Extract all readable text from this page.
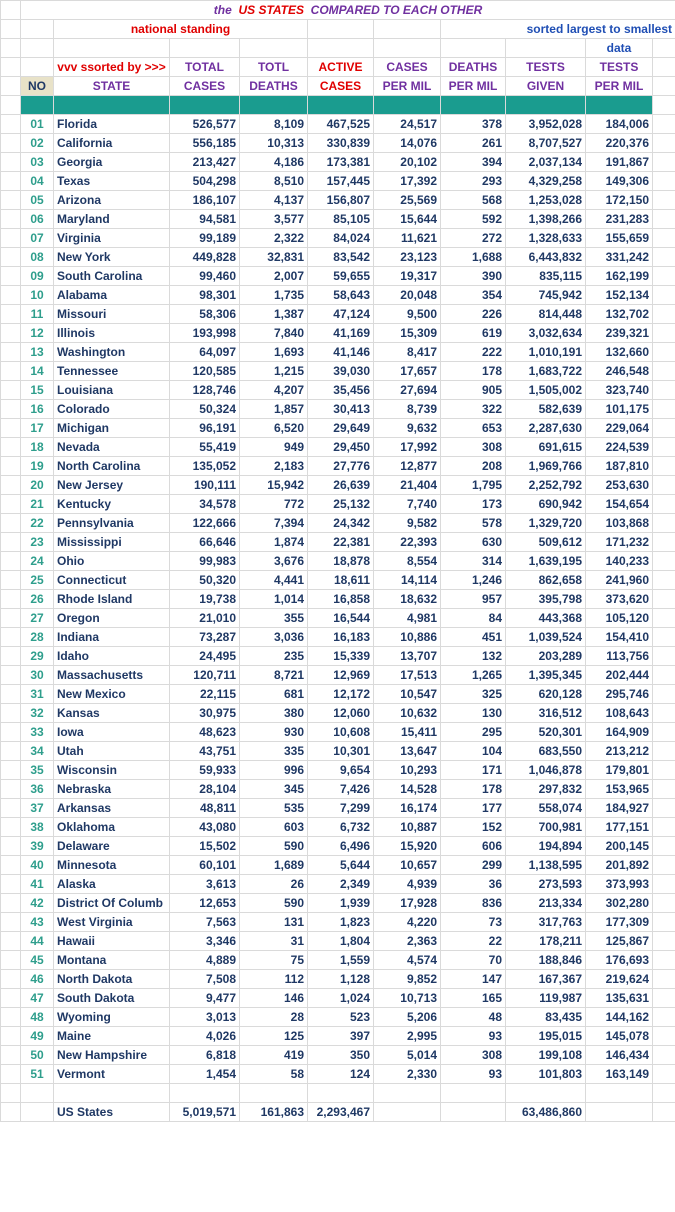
	the US STATES COMPARED TO EACH OTHER									
		national standing					sorted largest to smallest			
									data	
		vvv ssorted by >>>	TOTAL	TOTL	ACTIVE	CASES	DEATHS	TESTS	TESTS	
	NO	STATE	CASES	DEATHS	CASES	PER MIL	PER MIL	GIVEN	PER MIL	

	01	Florida	526,577	8,109	467,525	24,517	378	3,952,028	184,006	
	02	California	556,185	10,313	330,839	14,076	261	8,707,527	220,376	
	03	Georgia	213,427	4,186	173,381	20,102	394	2,037,134	191,867	
	04	Texas	504,298	8,510	157,445	17,392	293	4,329,258	149,306	
	05	Arizona	186,107	4,137	156,807	25,569	568	1,253,028	172,150	
	06	Maryland	94,581	3,577	85,105	15,644	592	1,398,266	231,283	
	07	Virginia	99,189	2,322	84,024	11,621	272	1,328,633	155,659	
	08	New York	449,828	32,831	83,542	23,123	1,688	6,443,832	331,242	
	09	South Carolina	99,460	2,007	59,655	19,317	390	835,115	162,199	
	10	Alabama	98,301	1,735	58,643	20,048	354	745,942	152,134	
	11	Missouri	58,306	1,387	47,124	9,500	226	814,448	132,702	
	12	Illinois	193,998	7,840	41,169	15,309	619	3,032,634	239,321	
	13	Washington	64,097	1,693	41,146	8,417	222	1,010,191	132,660	
	14	Tennessee	120,585	1,215	39,030	17,657	178	1,683,722	246,548	
	15	Louisiana	128,746	4,207	35,456	27,694	905	1,505,002	323,740	
	16	Colorado	50,324	1,857	30,413	8,739	322	582,639	101,175	
	17	Michigan	96,191	6,520	29,649	9,632	653	2,287,630	229,064	
	18	Nevada	55,419	949	29,450	17,992	308	691,615	224,539	
	19	North Carolina	135,052	2,183	27,776	12,877	208	1,969,766	187,810	
	20	New Jersey	190,111	15,942	26,639	21,404	1,795	2,252,792	253,630	
	21	Kentucky	34,578	772	25,132	7,740	173	690,942	154,654	
	22	Pennsylvania	122,666	7,394	24,342	9,582	578	1,329,720	103,868	
	23	Mississippi	66,646	1,874	22,381	22,393	630	509,612	171,232	
	24	Ohio	99,983	3,676	18,878	8,554	314	1,639,195	140,233	
	25	Connecticut	50,320	4,441	18,611	14,114	1,246	862,658	241,960	
	26	Rhode Island	19,738	1,014	16,858	18,632	957	395,798	373,620	
	27	Oregon	21,010	355	16,544	4,981	84	443,368	105,120	
	28	Indiana	73,287	3,036	16,183	10,886	451	1,039,524	154,410	
	29	Idaho	24,495	235	15,339	13,707	132	203,289	113,756	
	30	Massachusetts	120,711	8,721	12,969	17,513	1,265	1,395,345	202,444	
	31	New Mexico	22,115	681	12,172	10,547	325	620,128	295,746	
	32	Kansas	30,975	380	12,060	10,632	130	316,512	108,643	
	33	Iowa	48,623	930	10,608	15,411	295	520,301	164,909	
	34	Utah	43,751	335	10,301	13,647	104	683,550	213,212	
	35	Wisconsin	59,933	996	9,654	10,293	171	1,046,878	179,801	
	36	Nebraska	28,104	345	7,426	14,528	178	297,832	153,965	
	37	Arkansas	48,811	535	7,299	16,174	177	558,074	184,927	
	38	Oklahoma	43,080	603	6,732	10,887	152	700,981	177,151	
	39	Delaware	15,502	590	6,496	15,920	606	194,894	200,145	
	40	Minnesota	60,101	1,689	5,644	10,657	299	1,138,595	201,892	
	41	Alaska	3,613	26	2,349	4,939	36	273,593	373,993	
	42	District Of Columb	12,653	590	1,939	17,928	836	213,334	302,280	
	43	West Virginia	7,563	131	1,823	4,220	73	317,763	177,309	
	44	Hawaii	3,346	31	1,804	2,363	22	178,211	125,867	
	45	Montana	4,889	75	1,559	4,574	70	188,846	176,693	
	46	North Dakota	7,508	112	1,128	9,852	147	167,367	219,624	
	47	South Dakota	9,477	146	1,024	10,713	165	119,987	135,631	
	48	Wyoming	3,013	28	523	5,206	48	83,435	144,162	
	49	Maine	4,026	125	397	2,995	93	195,015	145,078	
	50	New Hampshire	6,818	419	350	5,014	308	199,108	146,434	
	51	Vermont	1,454	58	124	2,330	93	101,803	163,149	

		US States	5,019,571	161,863	2,293,467			63,486,860		
